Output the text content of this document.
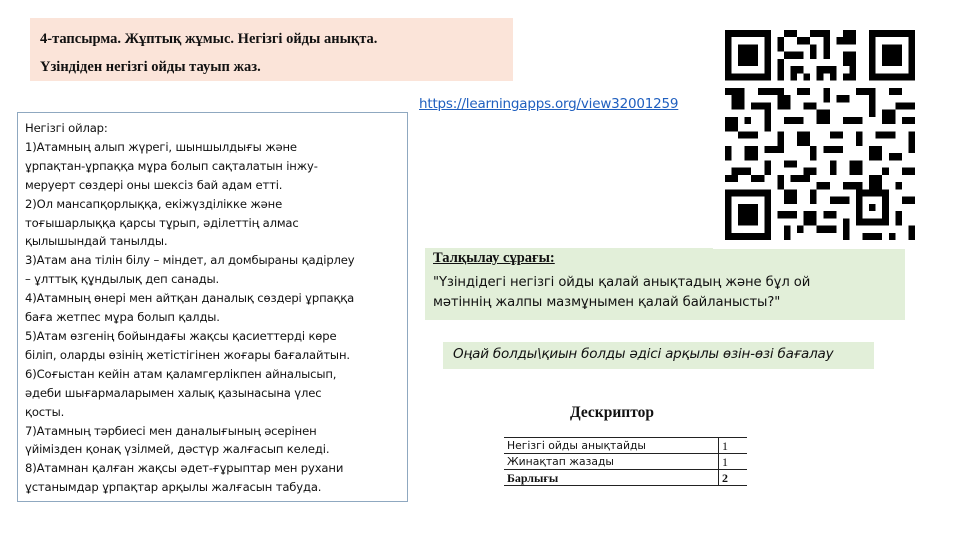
4-тапсырма. Жұптық жұмыс. Негізгі ойды анықта.
Үзіндіден негізгі ойды тауып жаз.
https://learningapps.org/view32001259
Негізгі ойлар:
1)Атамның алып жүрегі, шыншылдығы және
ұрпақтан-ұрпаққа мұра болып сақталатын інжу-
меруерт сөздері оны шексіз бай адам етті.
2)Ол мансапқорлыққа, екіжүзділікке және
тоғышарлыққа қарсы тұрып, әділеттің алмас
қылышындай танылды.
3)Атам ана тілін білу – міндет, ал домбыраны қадірлеу
– ұлттық құндылық деп санады.
4)Атамның өнері мен айтқан даналық сөздері ұрпаққа
баға жетпес мұра болып қалды.
5)Атам өзгенің бойындағы жақсы қасиеттерді көре
біліп, оларды өзінің жетістігінен жоғары бағалайтын.
6)Соғыстан кейін атам қаламгерлікпен айналысып,
әдеби шығармаларымен халық қазынасына үлес
қосты.
7)Атамның тәрбиесі мен даналығының әсерінен
үйімізден қонақ үзілмей, дәстүр жалғасып келеді.
8)Атамнан қалған жақсы әдет-ғұрыптар мен рухани
ұстанымдар ұрпақтар арқылы жалғасын табуда.
Талқылау сұрағы:
"Үзіндідегі негізгі ойды қалай анықтадың және бұл ой
мәтіннің жалпы мазмұнымен қалай байланысты?"
Оңай болды\қиын болды әдісі арқылы өзін-өзі бағалау
Дескриптор
Негізгі ойды анықтайды	1
Жинақтап жазады	1
Барлығы	2
